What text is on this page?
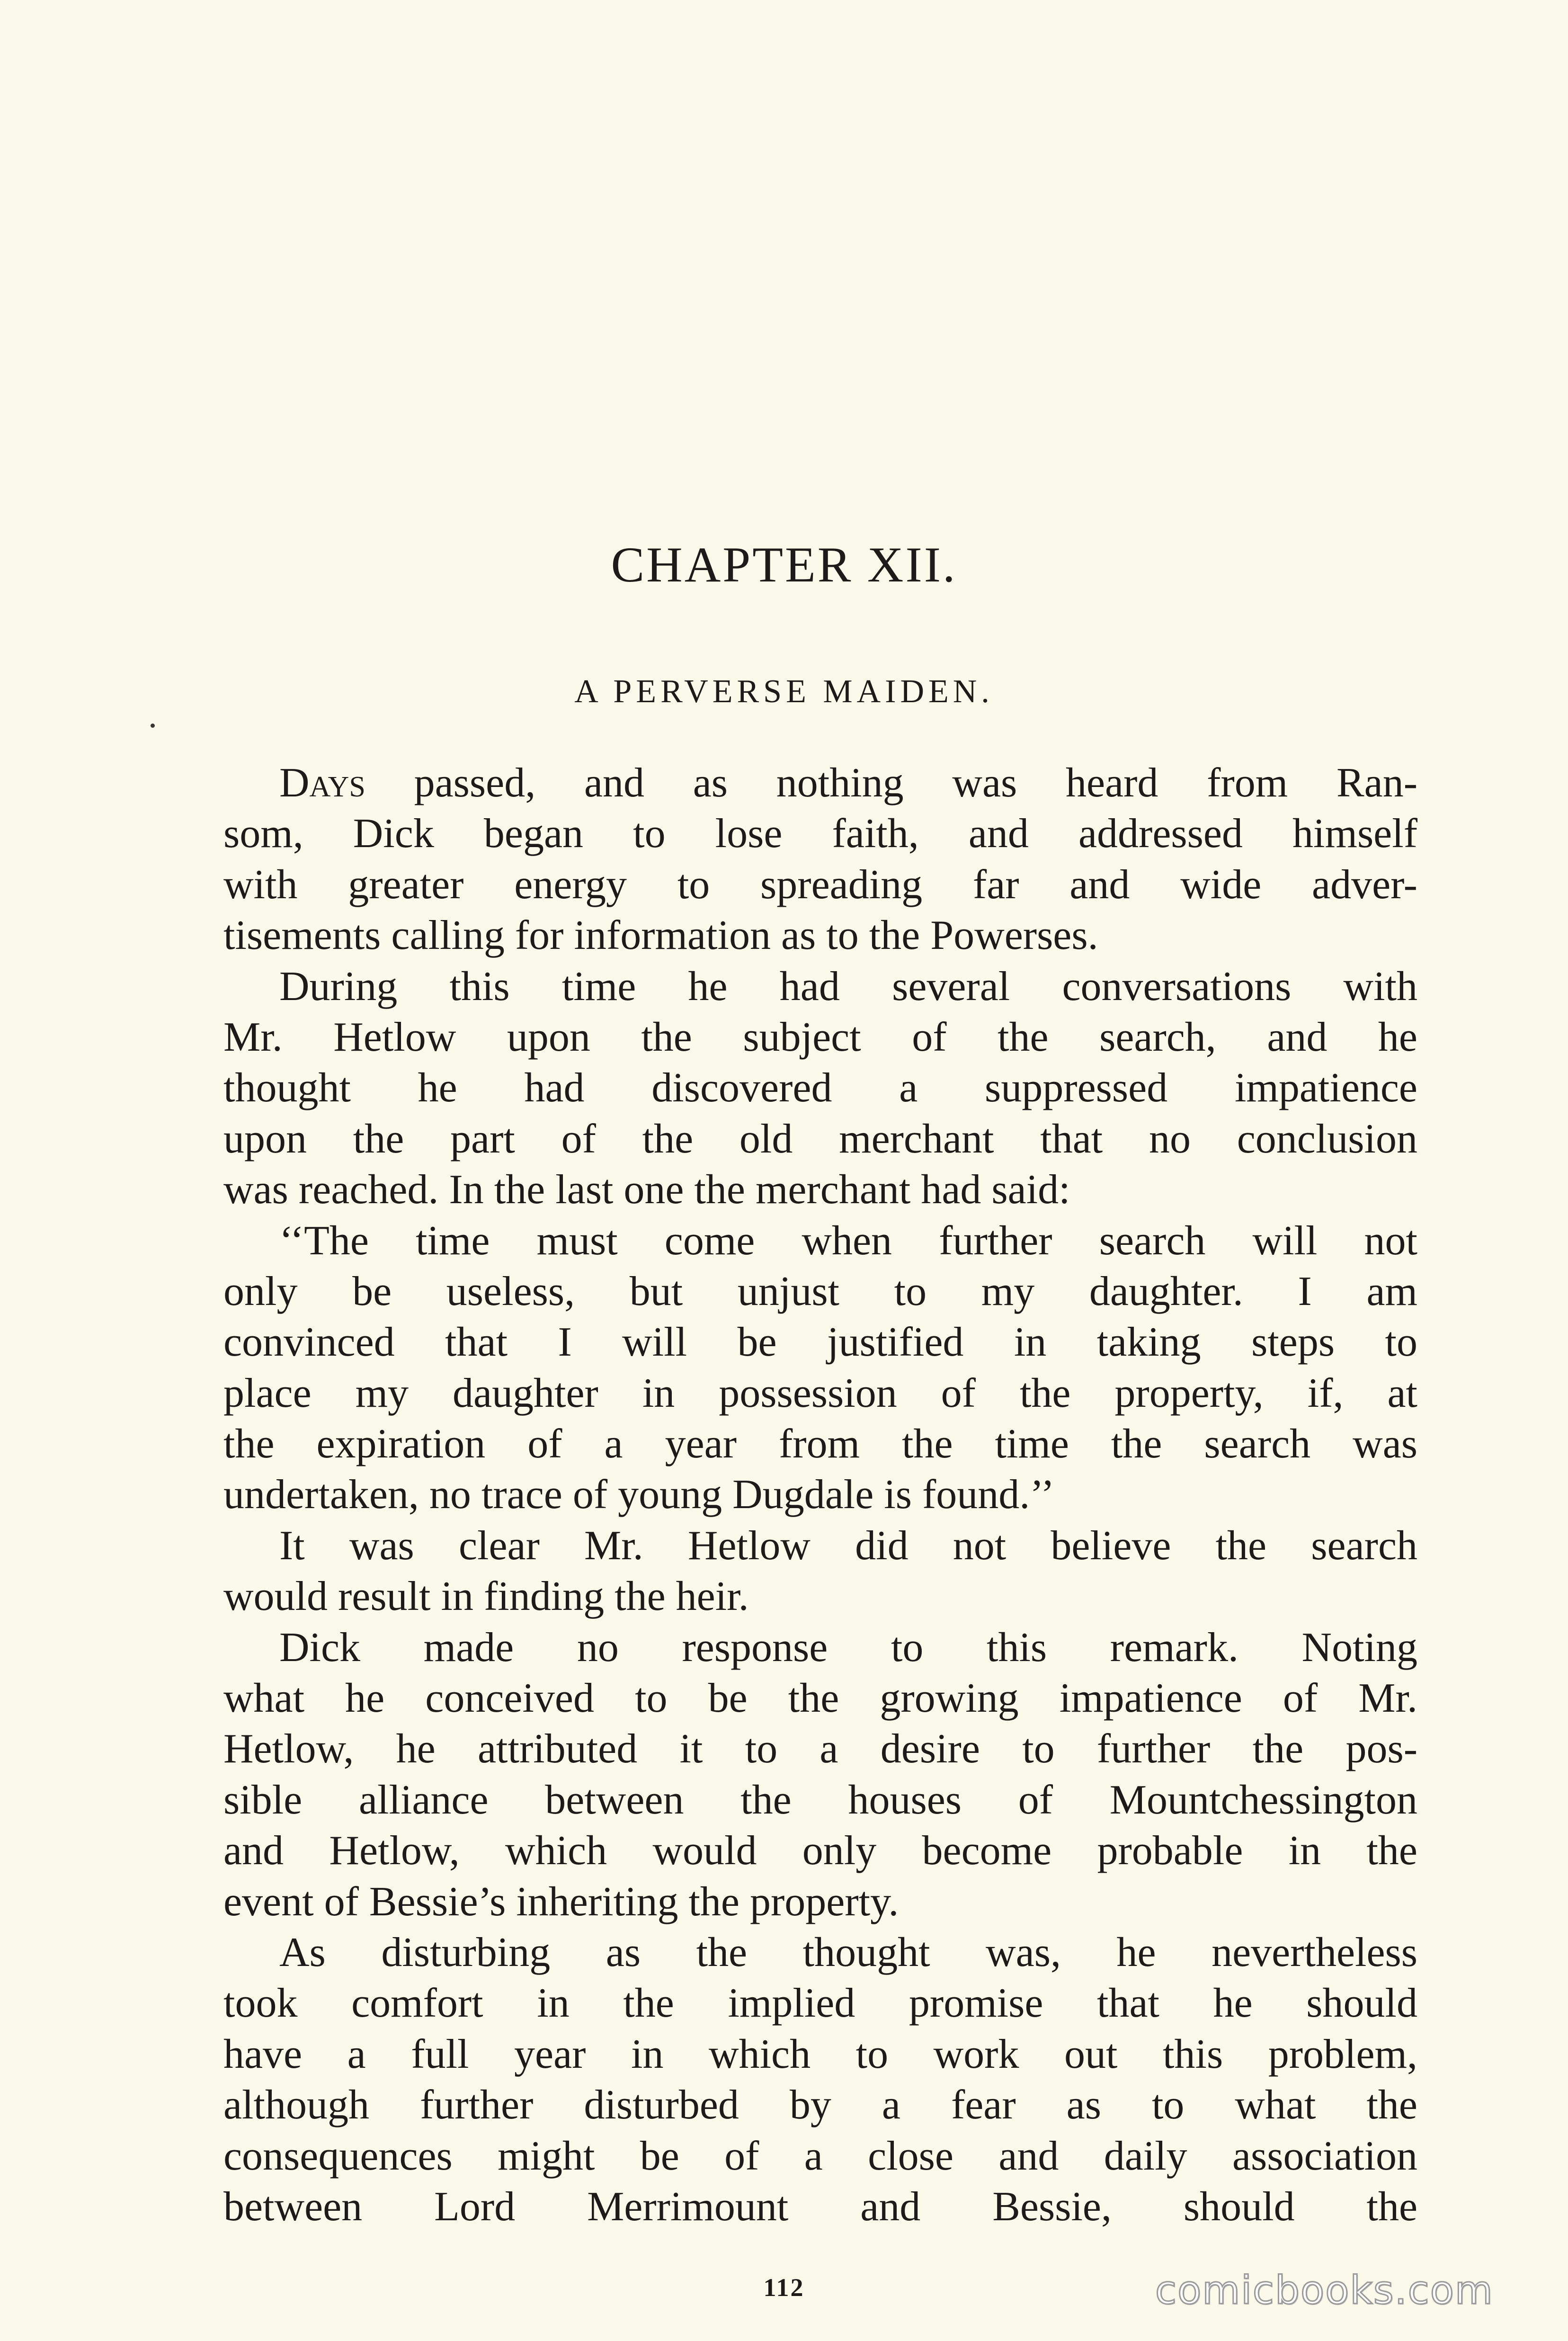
CHAPTER XII.
A PERVERSE MAIDEN.
Days passed, and as nothing was heard from Ran-
som, Dick began to lose faith, and addressed himself
with greater energy to spreading far and wide adver-
tisements calling for information as to the Powerses.
During this time he had several conversations with
Mr. Hetlow upon the subject of the search, and he
thought he had discovered a suppressed impatience
upon the part of the old merchant that no conclusion
was reached. In the last one the merchant had said:
‘‘The time must come when further search will not
only be useless, but unjust to my daughter. I am
convinced that I will be justified in taking steps to
place my daughter in possession of the property, if, at
the expiration of a year from the time the search was
undertaken, no trace of young Dugdale is found.’’
It was clear Mr. Hetlow did not believe the search
would result in finding the heir.
Dick made no response to this remark. Noting
what he conceived to be the growing impatience of Mr.
Hetlow, he attributed it to a desire to further the pos-
sible alliance between the houses of Mountchessington
and Hetlow, which would only become probable in the
event of Bessie’s inheriting the property.
As disturbing as the thought was, he nevertheless
took comfort in the implied promise that he should
have a full year in which to work out this problem,
although further disturbed by a fear as to what the
consequences might be of a close and daily association
between Lord Merrimount and Bessie, should the
112	comicbooks.com
